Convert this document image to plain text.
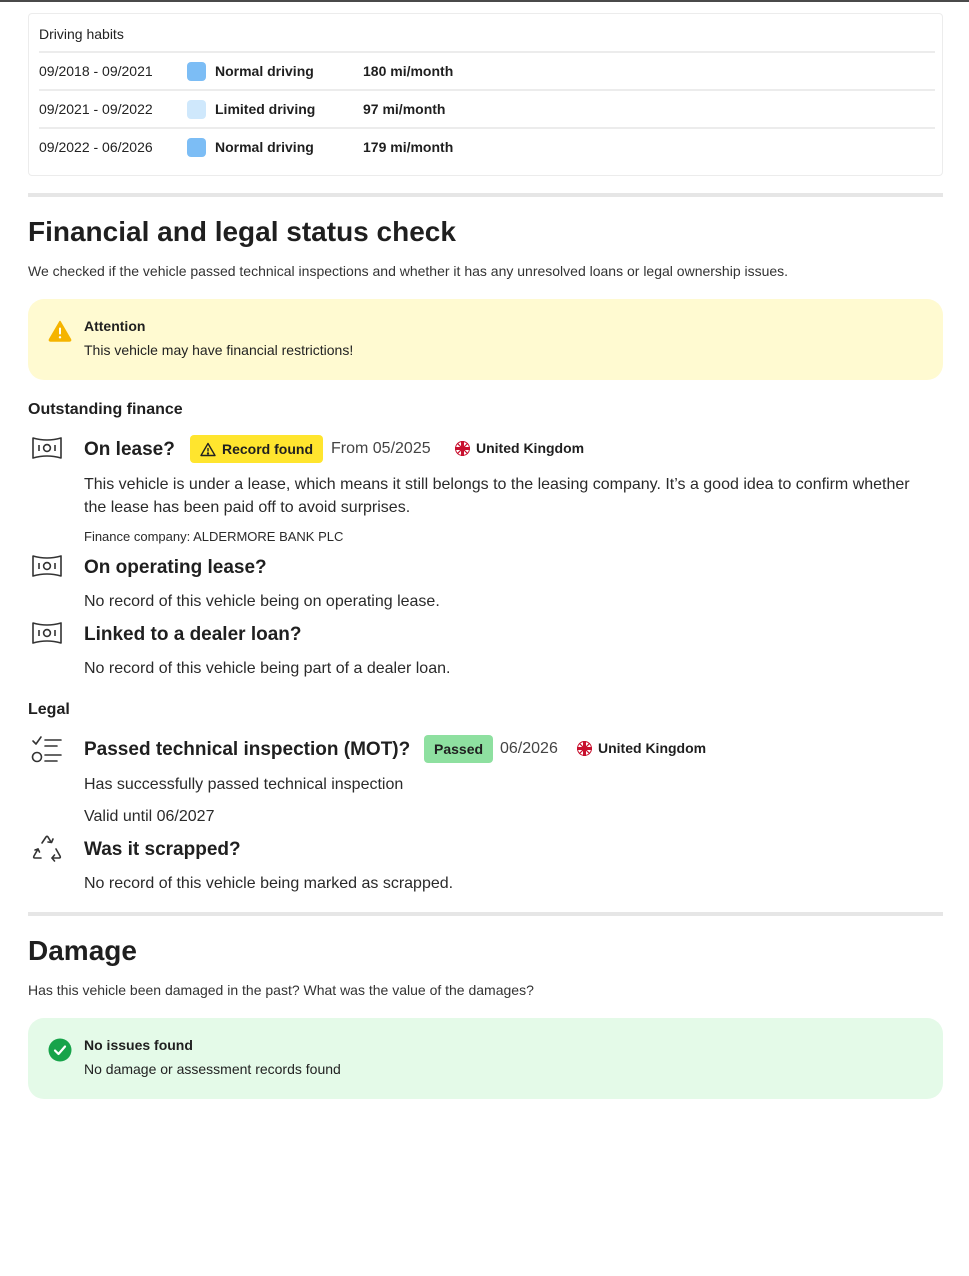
Driving habits
09/2018 - 09/2021	Normal driving	180 mi/month
09/2021 - 09/2022	Limited driving	97 mi/month
09/2022 - 06/2026	Normal driving	179 mi/month
Financial and legal status check
We checked if the vehicle passed technical inspections and whether it has any unresolved loans or legal ownership issues.
Attention
This vehicle may have financial restrictions!
Outstanding finance
On lease?	Record found From 05/2025	United Kingdom
This vehicle is under a lease, which means it still belongs to the leasing company. It’s a good idea to confirm whether the lease has been paid off to avoid surprises.
Finance company: ALDERMORE BANK PLC
On operating lease?
No record of this vehicle being on operating lease.
Linked to a dealer loan?
No record of this vehicle being part of a dealer loan.
Legal
Passed technical inspection (MOT)? Passed 06/2026	United Kingdom
Has successfully passed technical inspection
Valid until 06/2027
Was it scrapped?
No record of this vehicle being marked as scrapped.
Damage
Has this vehicle been damaged in the past? What was the value of the damages?
No issues found
No damage or assessment records found
